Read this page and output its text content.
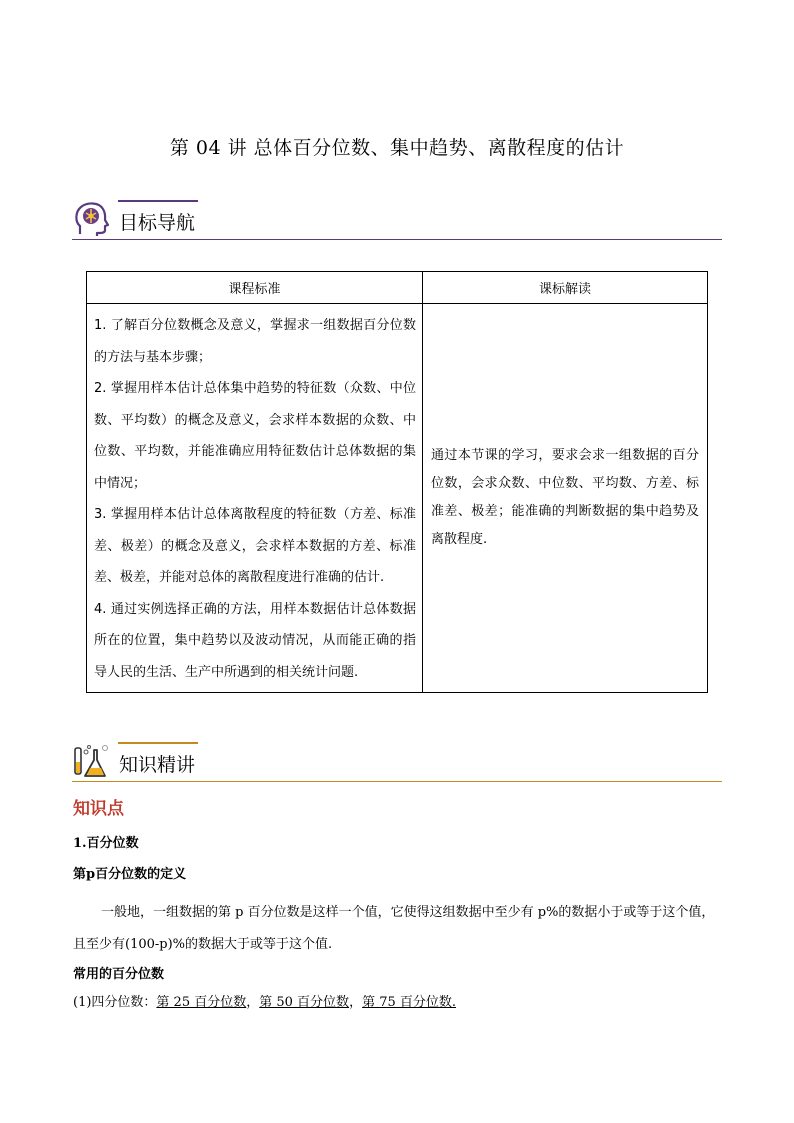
第 04 讲 总体百分位数、集中趋势、离散程度的估计
目标导航
课程标准	课标解读

1. 了解百分位数概念及意义，掌握求一组数据百分位数的方法与基本步骤；
2. 掌握用样本估计总体集中趋势的特征数（众数、中位数、平均数）的概念及意义，会求样本数据的众数、中位数、平均数，并能准确应用特征数估计总体数据的集中情况；
3. 掌握用样本估计总体离散程度的特征数（方差、标准差、极差）的概念及意义，会求样本数据的方差、标准差、极差，并能对总体的离散程度进行准确的估计.
4. 通过实例选择正确的方法，用样本数据估计总体数据所在的位置，集中趋势以及波动情况，从而能正确的指导人民的生活、生产中所遇到的相关统计问题.	通过本节课的学习，要求会求一组数据的百分位数，会求众数、中位数、平均数、方差、标准差、极差；能准确的判断数据的集中趋势及离散程度.
知识精讲
知识点
1.百分位数
第p百分位数的定义
一般地，一组数据的第 p 百分位数是这样一个值，它使得这组数据中至少有 p%的数据小于或等于这个值，且至少有(100-p)%的数据大于或等于这个值.
常用的百分位数
(1)四分位数：第 25 百分位数，第 50 百分位数，第 75 百分位数.
